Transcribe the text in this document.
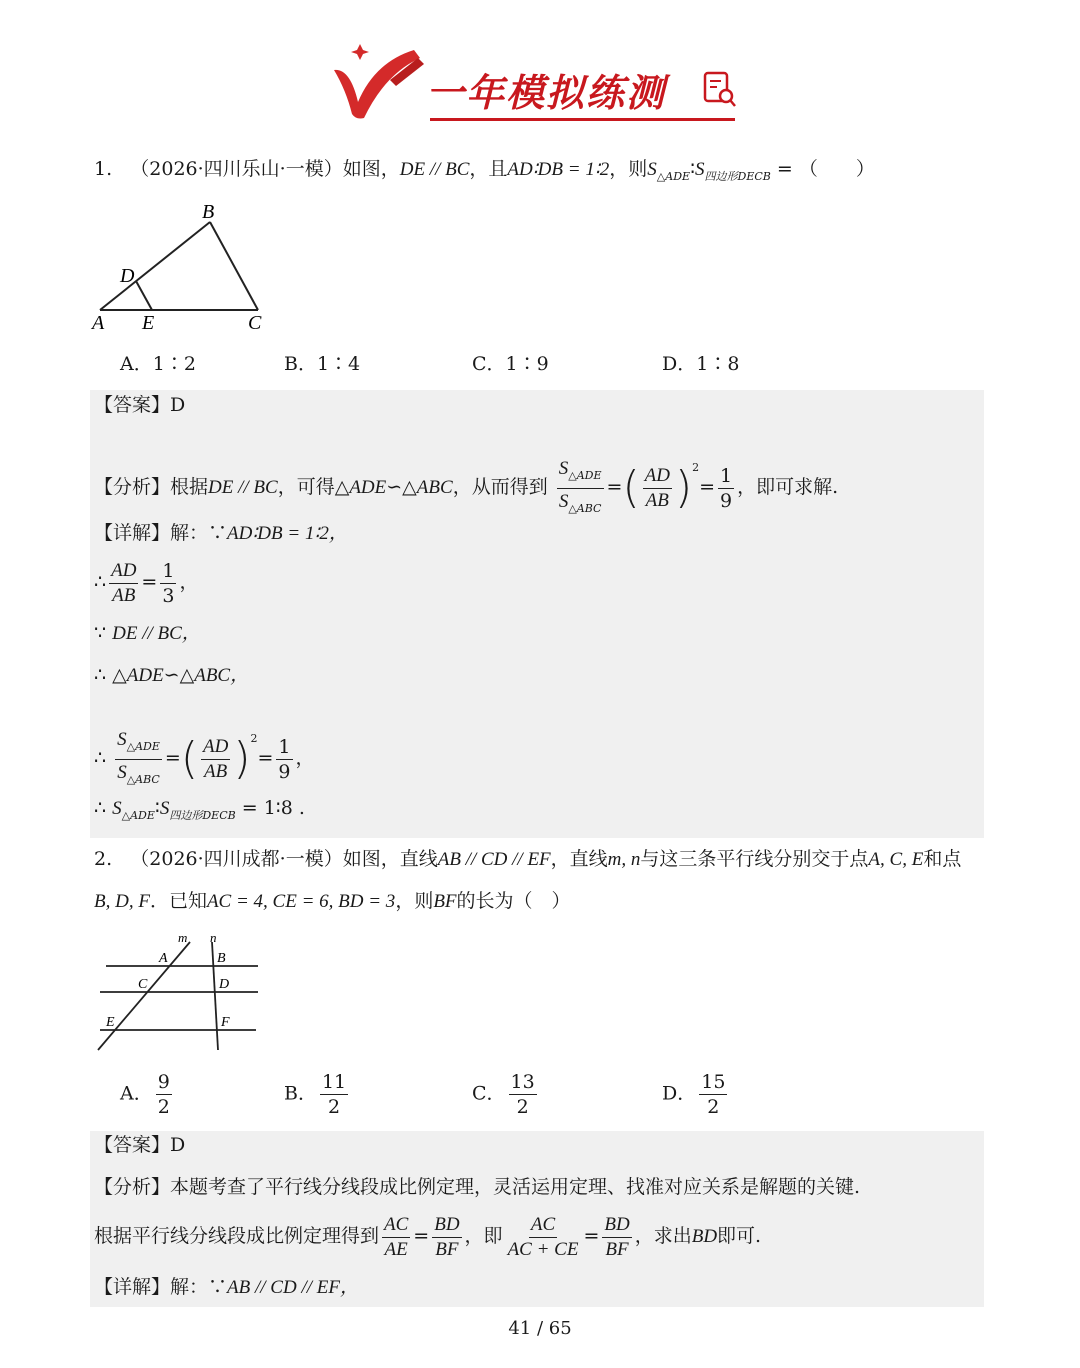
一年模拟练测
1. （2026·四川乐山·一模）如图，DE // BC，且AD∶DB = 1∶2，则$S_{\triangle ADE}∶S_{四边形DECB}$ = （　　）
B
D
A E	C
A．1∶2	B．1∶4	C．1∶9	D．1∶8
【答案】D
【分析】根据DE // BC，可得△ADE∽△ABC，从而得到 $\frac{S_{\triangle ADE}}{S_{\triangle ABC}}$ =( $\frac{AD}{AB} )^2= \frac{1}{9}$ ，即可求解.
【详解】解：∵AD∶DB = 1∶2，
∴ $\frac{AD}{AB} = \frac{1}{3}$ ，
∵ DE // BC，
∴ △ADE∽△ABC，
∴ $\frac{S_{\triangle ADE}}{S_{\triangle ABC}}$ =( $\frac{AD}{AB} )^2= \frac{1}{9}$ ，
∴ $S_{\triangle ADE}∶S_{四边形DECB}$ = 1∶8 .
2. （2026·四川成都·一模）如图，直线AB // CD // EF，直线m, n与这三条平行线分别交于点A, C, E和点
B, D, F．已知AC = 4, CE = 6, BD = 3，则BF的长为（　）
m n
A	B
C	D
E	F
A． $\frac{9}{2}$	B． $\frac{11}{2}$	C． $\frac{13}{2}$	D． $\frac{15}{2}$
【答案】D
【分析】本题考查了平行线分线段成比例定理，灵活运用定理、找准对应关系是解题的关键.
根据平行线分线段成比例定理得到 $\frac{AC}{AE} = \frac{BD}{BF}$ ，即 $\frac{AC}{AC + CE} = \frac{BD}{BF}$ ，求出BD即可.
【详解】解：∵AB // CD // EF，
41 / 65
